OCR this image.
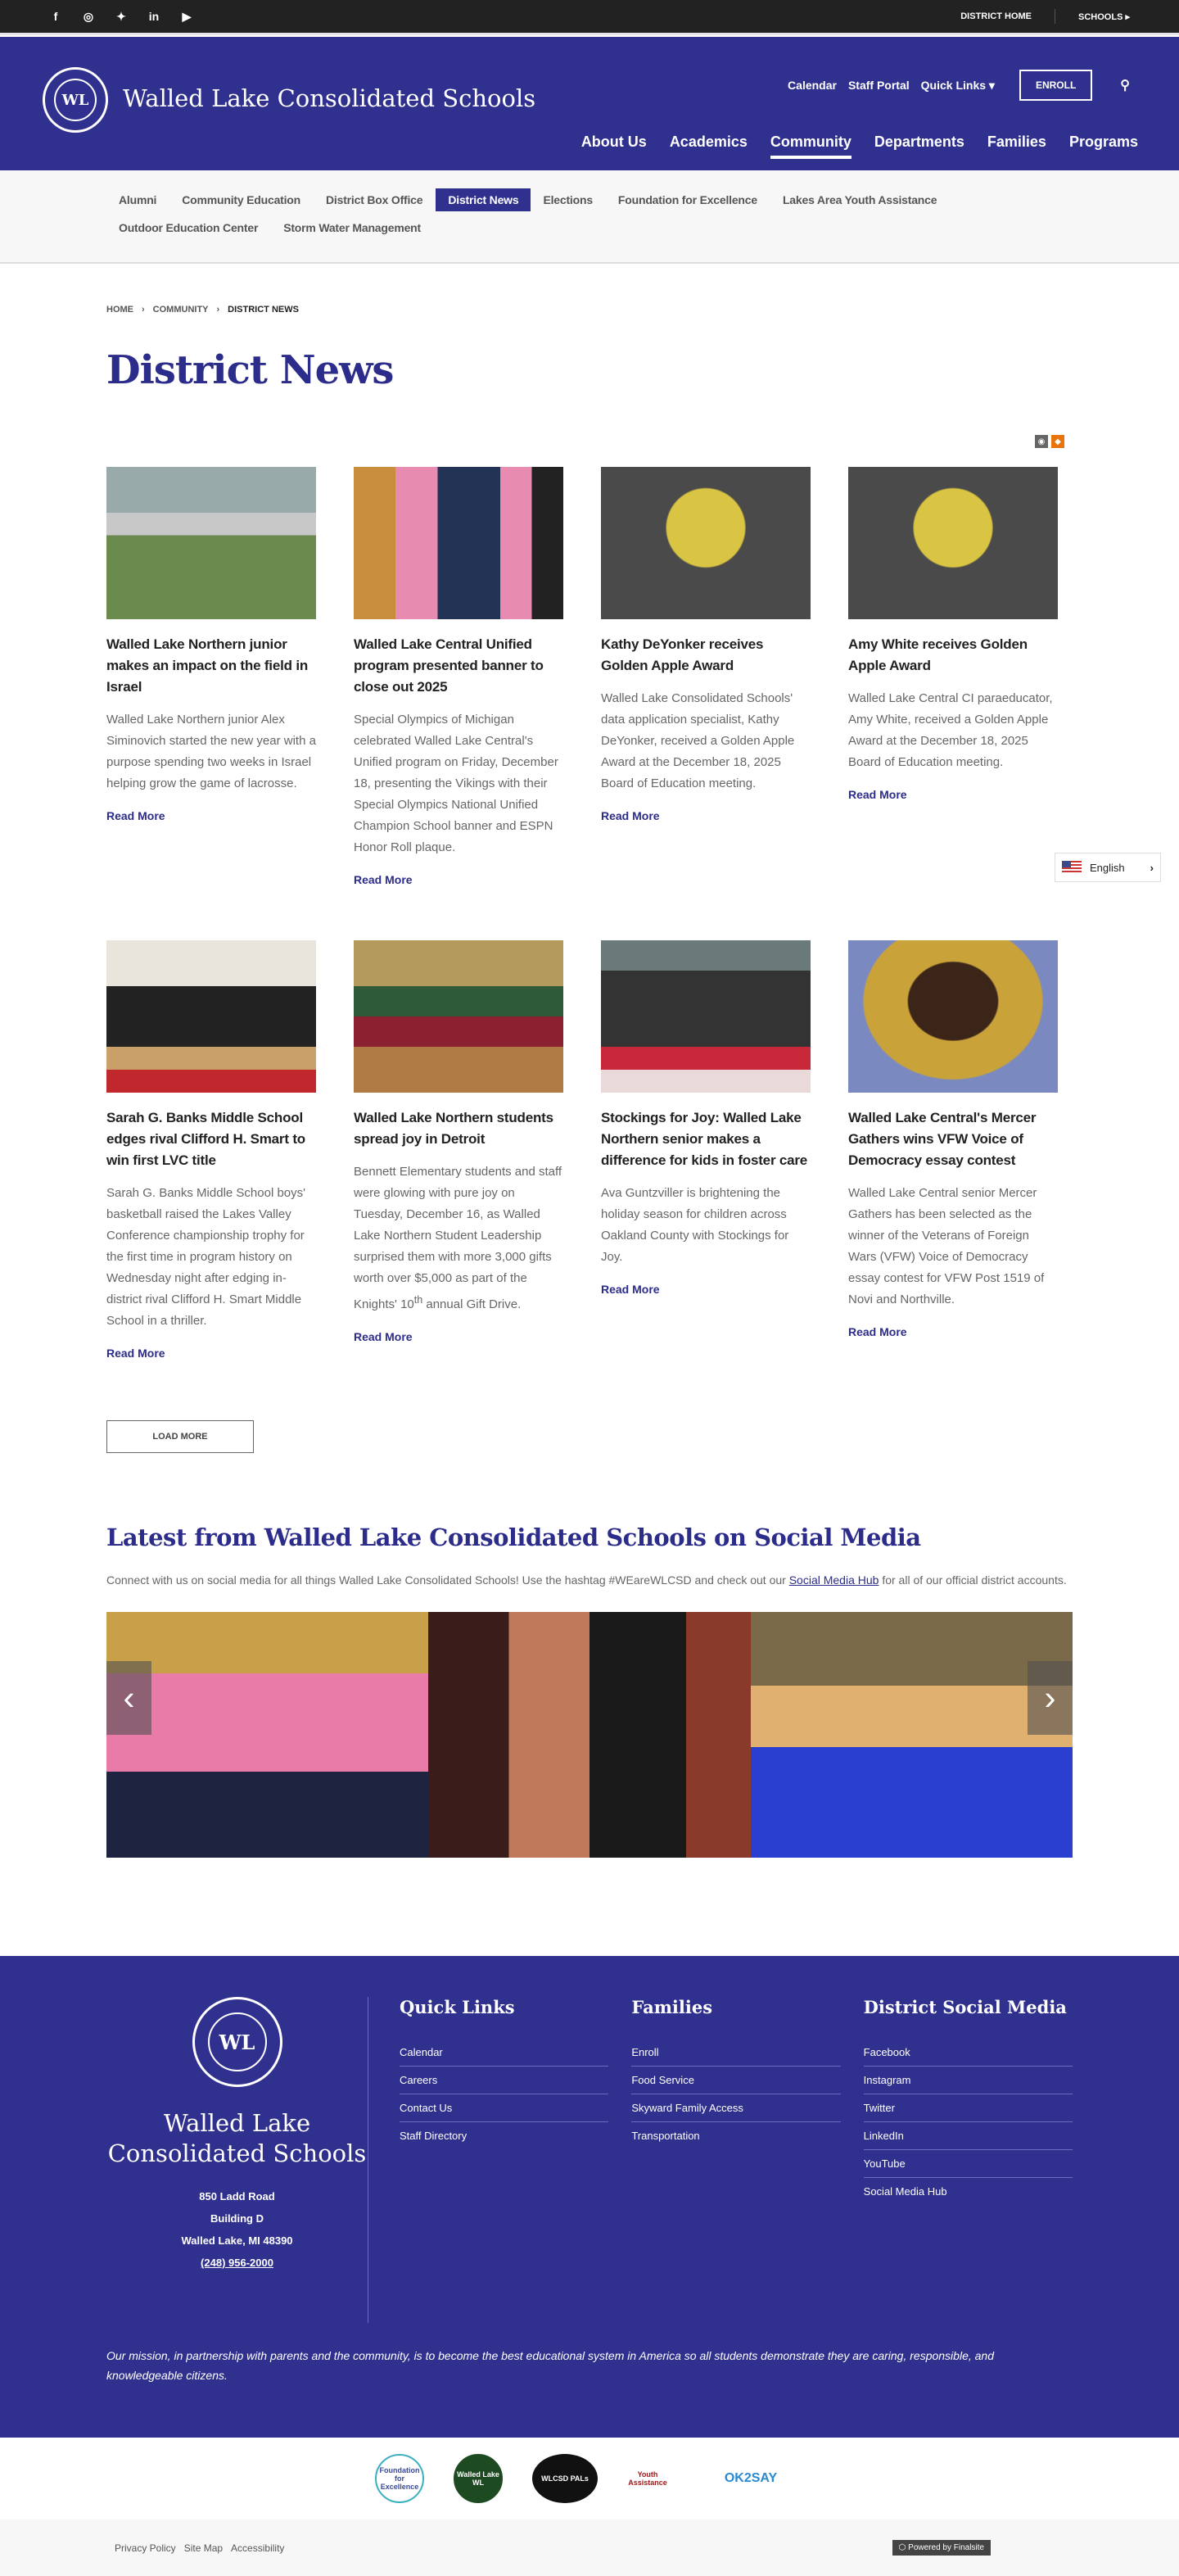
f	◎ ✦ in ▶	DISTRICT HOME	SCHOOLS ▸
WL	Walled Lake Consolidated Schools	Calendar Staff Portal Quick Links ▾	ENROLL	⚲
About Us Academics Community Departments Families Programs
Alumni	Community Education	District Box Office	District News	Elections	Foundation for Excellence	Lakes Area Youth Assistance
Outdoor Education Center	Storm Water Management
◉	◆
English ›
HOME › COMMUNITY › DISTRICT NEWS
District News
Walled Lake Northern junior makes an impact on the field in Israel

Walled Lake Northern junior Alex Siminovich started the new year with a purpose spending two weeks in Israel helping grow the game of lacrosse.

Read More
Walled Lake Central Unified program presented banner to close out 2025

Special Olympics of Michigan celebrated Walled Lake Central's Unified program on Friday, December 18, presenting the Vikings with their Special Olympics National Unified Champion School banner and ESPN Honor Roll plaque.

Read More
Kathy DeYonker receives Golden Apple Award

Walled Lake Consolidated Schools' data application specialist, Kathy DeYonker, received a Golden Apple Award at the December 18, 2025 Board of Education meeting.

Read More
Amy White receives Golden Apple Award

Walled Lake Central CI paraeducator, Amy White, received a Golden Apple Award at the December 18, 2025 Board of Education meeting.

Read More
Sarah G. Banks Middle School edges rival Clifford H. Smart to win first LVC title

Sarah G. Banks Middle School boys' basketball raised the Lakes Valley Conference championship trophy for the first time in program history on Wednesday night after edging in-district rival Clifford H. Smart Middle School in a thriller.

Read More
Walled Lake Northern students spread joy in Detroit

Bennett Elementary students and staff were glowing with pure joy on Tuesday, December 16, as Walled Lake Northern Student Leadership surprised them with more 3,000 gifts worth over $5,000 as part of the Knights' 10th annual Gift Drive.

Read More
Stockings for Joy: Walled Lake Northern senior makes a difference for kids in foster care

Ava Guntzviller is brightening the holiday season for children across Oakland County with Stockings for Joy.

Read More
Walled Lake Central's Mercer Gathers wins VFW Voice of Democracy essay contest

Walled Lake Central senior Mercer Gathers has been selected as the winner of the Veterans of Foreign Wars (VFW) Voice of Democracy essay contest for VFW Post 1519 of Novi and Northville.

Read More
LOAD MORE
Latest from Walled Lake Consolidated Schools on Social Media

Connect with us on social media for all things Walled Lake Consolidated Schools! Use the hashtag #WEareWLCSD and check out our Social Media Hub for all of our official district accounts.

‹	›
WL
Walled Lake Consolidated Schools
850 Ladd Road
Building D
Walled Lake, MI 48390
(248) 956-2000
Quick Links
Calendar
Careers
Contact Us
Staff Directory
Families
Enroll
Food Service
Skyward Family Access
Transportation
District Social Media
Facebook
Instagram
Twitter
LinkedIn
YouTube
Social Media Hub

Our mission, in partnership with parents and the community, is to become the best educational system in America so all students demonstrate they are caring, responsible, and knowledgeable citizens.

Foundation for Excellence
Walled Lake WL	WLCSD PALs	Youth Assistance	OK2SAY
Privacy Policy Site Map Accessibility	⬡ Powered by Finalsite
